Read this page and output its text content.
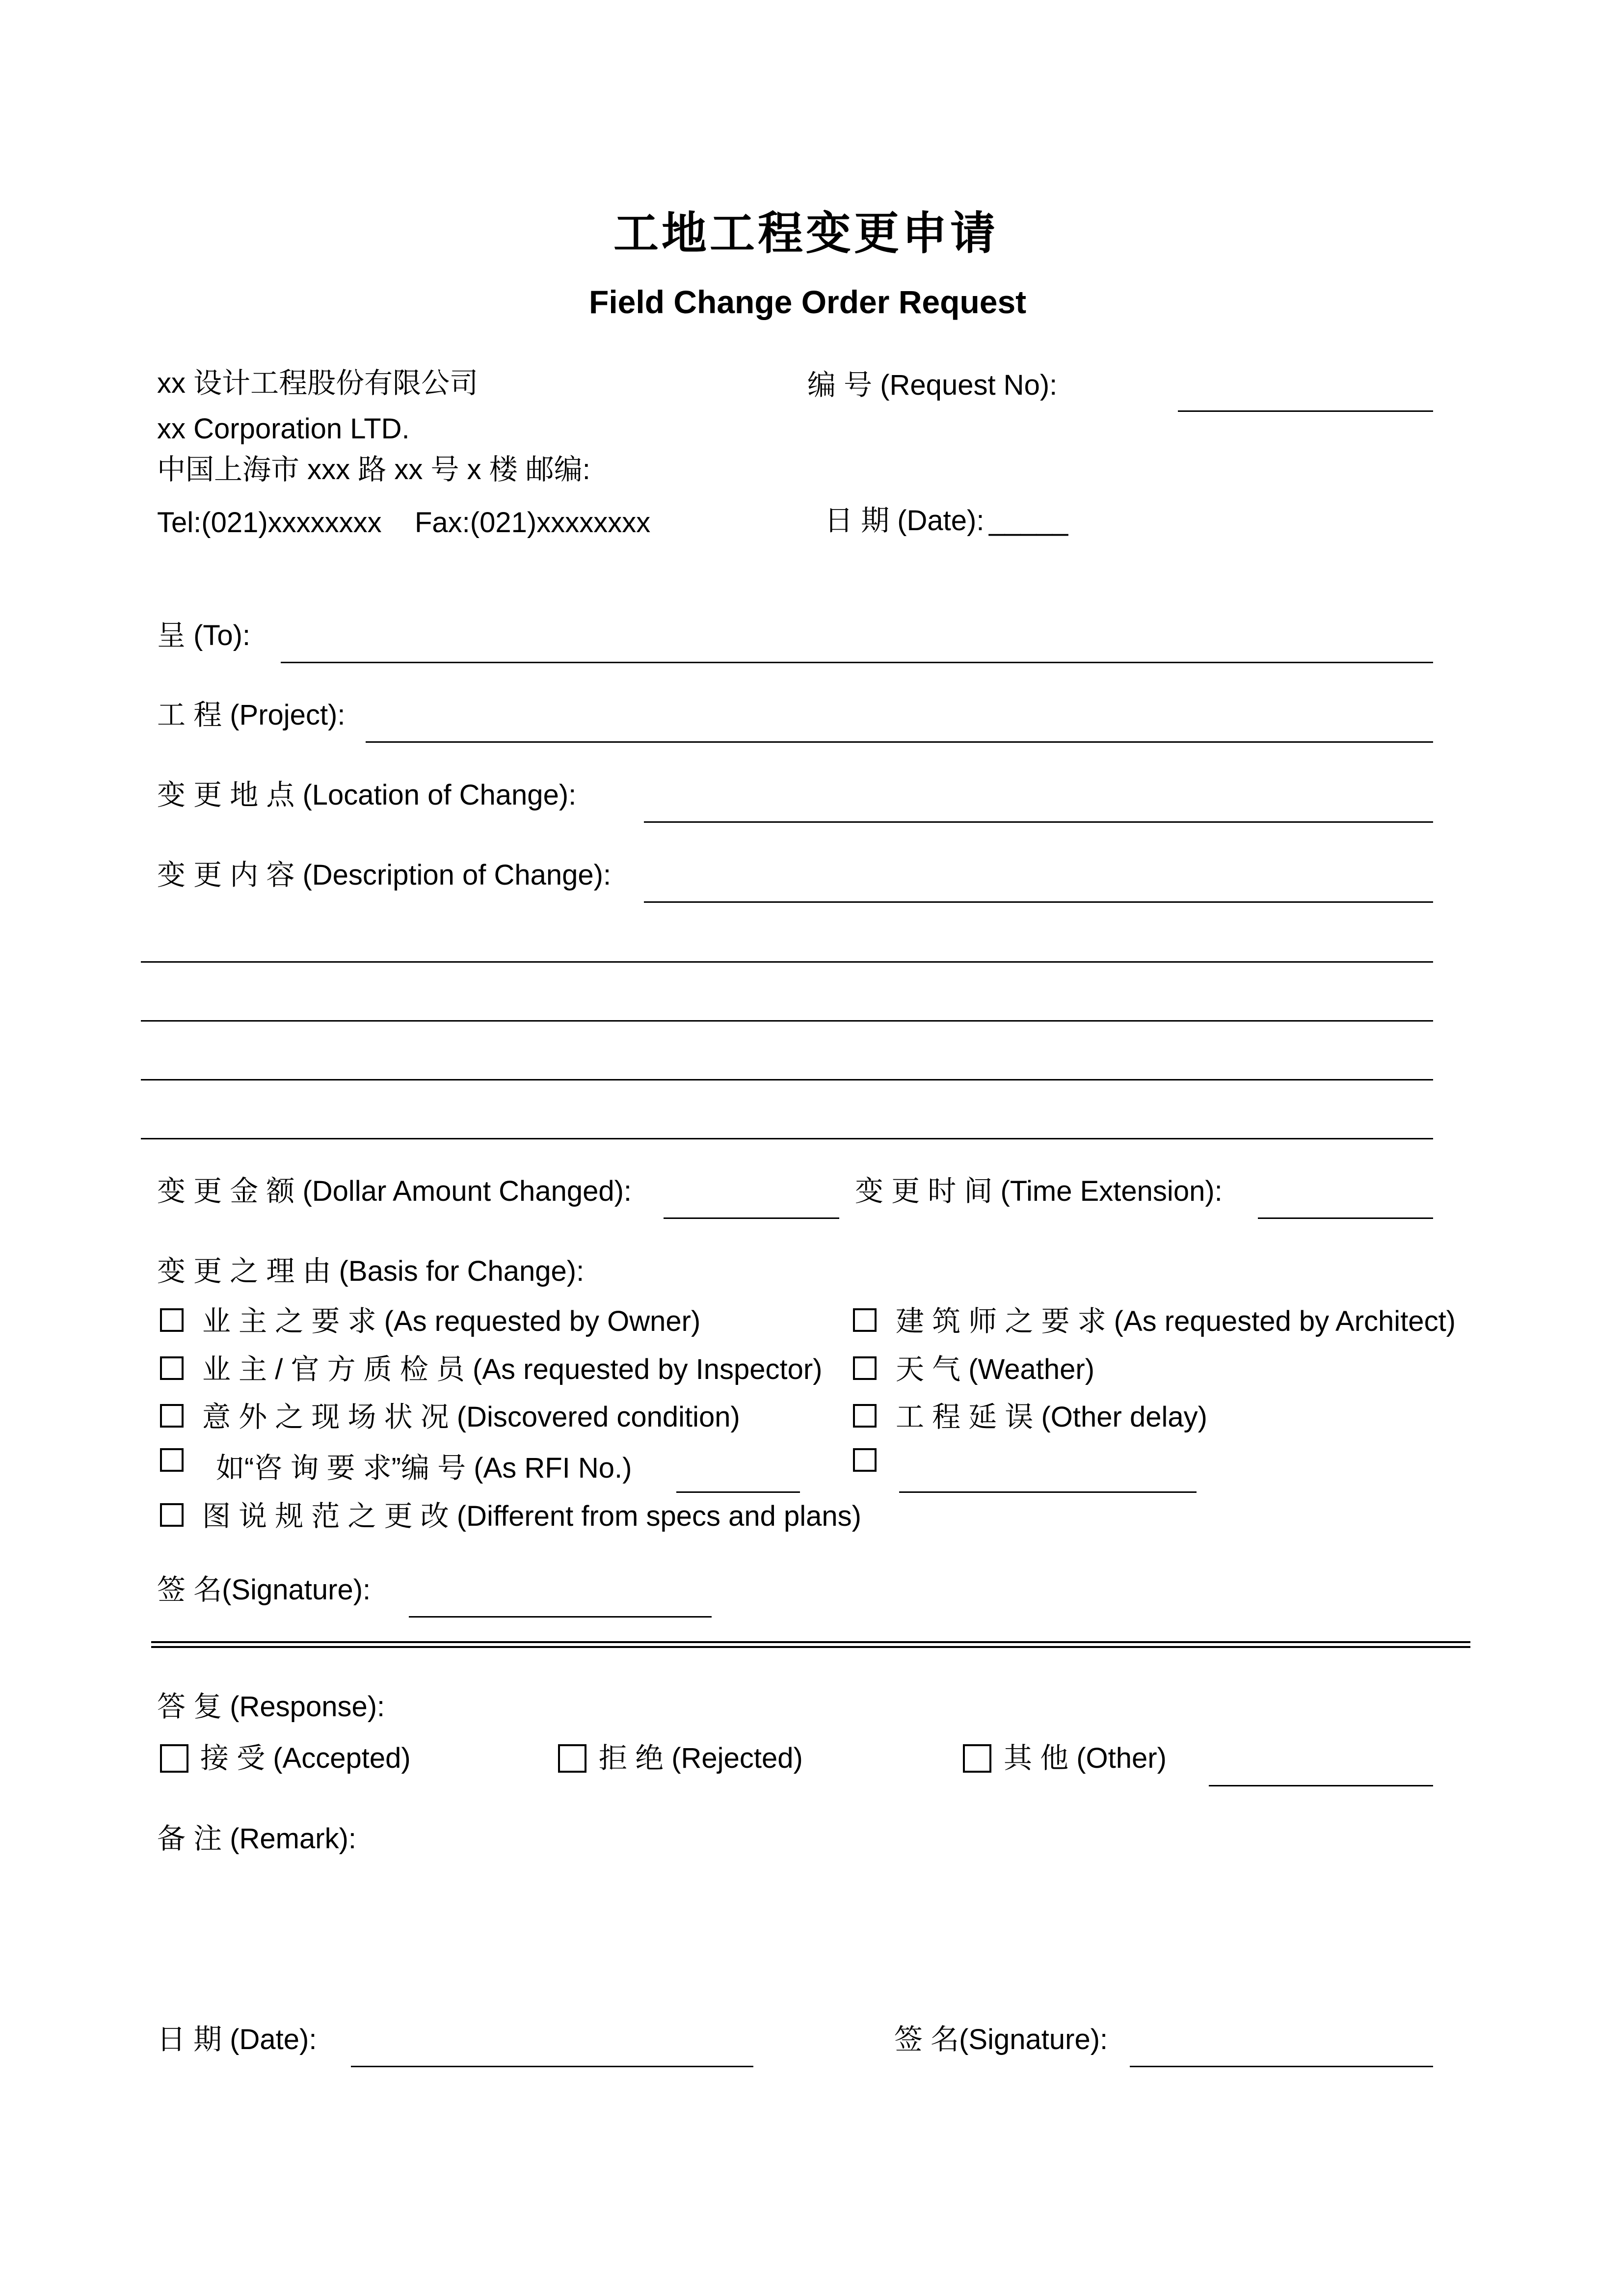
工地工程变更申请
Field Change Order Request
xx 设计工程股份有限公司
xx Corporation LTD.
中国上海市 xxx 路 xx 号 x 楼 邮编:
Tel:(021)xxxxxxxx Fax:(021)xxxxxxxx
编 号 (Request No):
日 期 (Date): _____
呈 (To):
工 程 (Project):
变 更 地 点 (Location of Change):
变 更 内 容 (Description of Change):
变 更 金 额 (Dollar Amount Changed):	变 更 时 间 (Time Extension):
变 更 之 理 由 (Basis for Change):
业 主 之 要 求 (As requested by Owner)	建 筑 师 之 要 求 (As requested by Architect)
业 主 / 官 方 质 检 员 (As requested by Inspector)	天 气 (Weather)
意 外 之 现 场 状 况 (Discovered condition)	工 程 延 误 (Other delay)
如“咨 询 要 求”编 号 (As RFI No.)
图 说 规 范 之 更 改 (Different from specs and plans)
签 名(Signature):
答 复 (Response):
接 受 (Accepted)	拒 绝 (Rejected)	其 他 (Other)
备 注 (Remark):
日 期 (Date):	签 名(Signature):
